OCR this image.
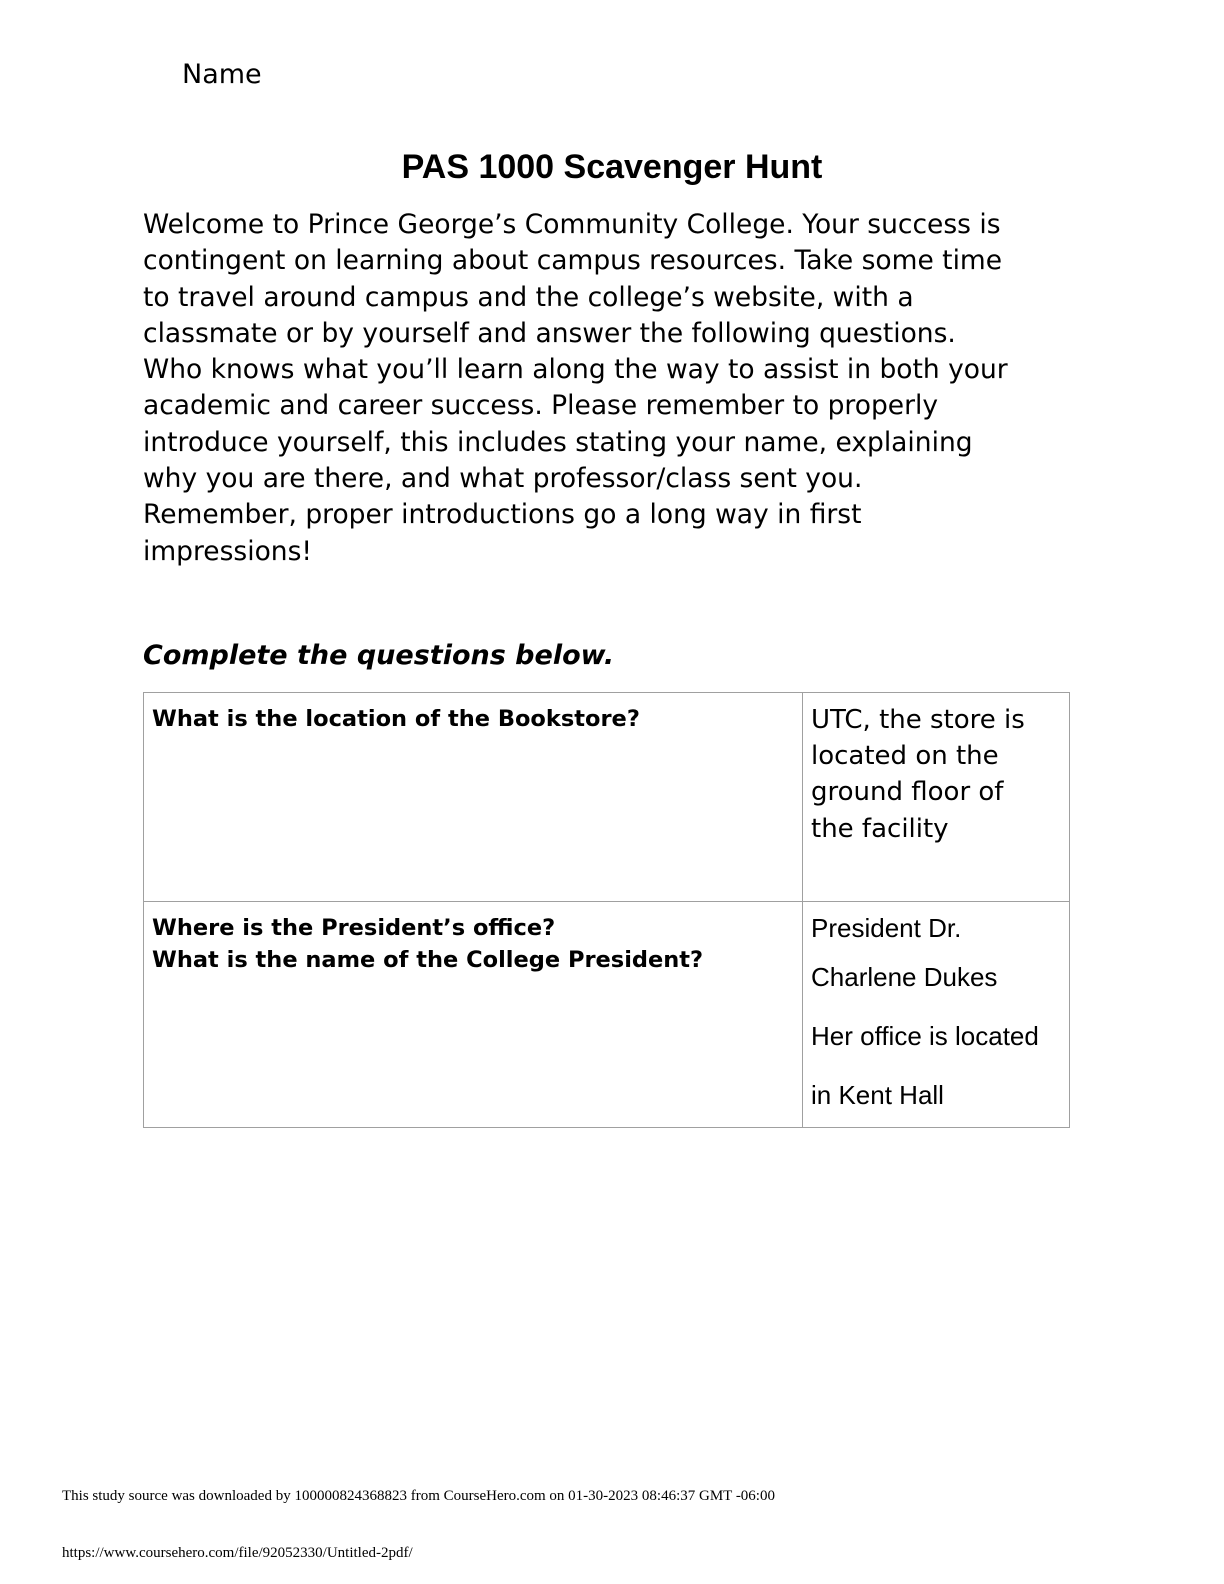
Name
PAS 1000 Scavenger Hunt
Welcome to Prince George’s Community College. Your success is
contingent on learning about campus resources. Take some time
to travel around campus and the college’s website, with a
classmate or by yourself and answer the following questions.
Who knows what you’ll learn along the way to assist in both your
academic and career success. Please remember to properly
introduce yourself, this includes stating your name, explaining
why you are there, and what professor/class sent you.
Remember, proper introductions go a long way in first
impressions!
Complete the questions below.
What is the location of the Bookstore?	UTC, the store is
located on the
ground floor of
the facility

Where is the President’s office?
What is the name of the College President?	President Dr.
Charlene Dukes
Her office is located
in Kent Hall
This study source was downloaded by 100000824368823 from CourseHero.com on 01-30-2023 08:46:37 GMT -06:00
https://www.coursehero.com/file/92052330/Untitled-2pdf/
